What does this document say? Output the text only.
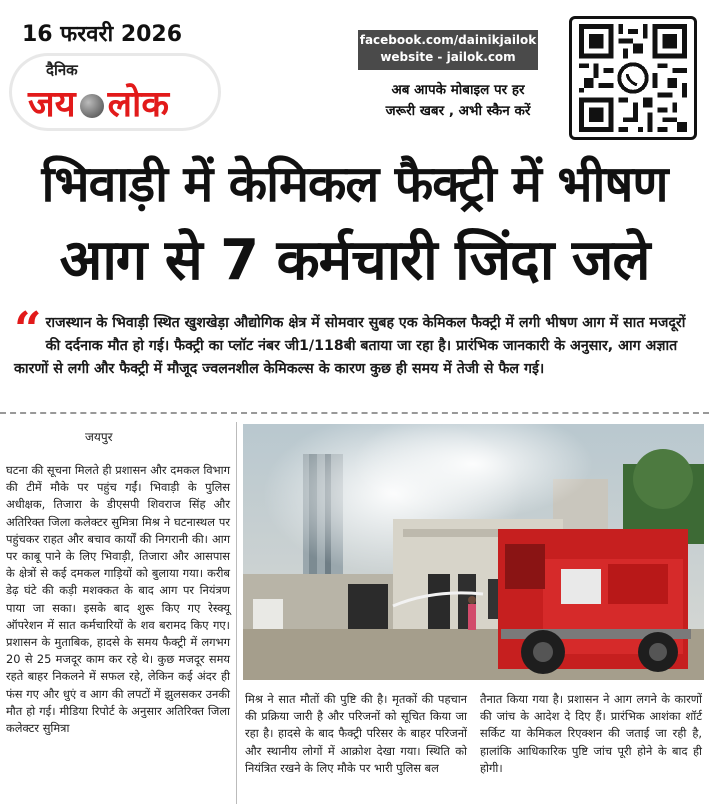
16 फरवरी 2026
दैनिक
जय लोक
facebook.com/dainikjailok
website - jailok.com
अब आपके मोबाइल पर हर
जरूरी खबर , अभी स्कैन करें
भिवाड़ी में केमिकल फैक्ट्री में भीषण
आग से 7 कर्मचारी जिंदा जले
“ राजस्थान के भिवाड़ी स्थित खुशखेड़ा औद्योगिक क्षेत्र में सोमवार सुबह एक केमिकल फैक्ट्री में लगी भीषण आग में सात मजदूरों की दर्दनाक मौत हो गई। फैक्ट्री का प्लॉट नंबर जी1/118बी बताया जा रहा है। प्रारंभिक जानकारी के अनुसार, आग अज्ञात कारणों से लगी और फैक्ट्री में मौजूद ज्वलनशील केमिकल्स के कारण कुछ ही समय में तेजी से फैल गई।
जयपुर
घटना की सूचना मिलते ही प्रशासन और दमकल विभाग की टीमें मौके पर पहुंच गईं। भिवाड़ी के पुलिस अधीक्षक, तिजारा के डीएसपी शिवराज सिंह और अतिरिक्त जिला कलेक्टर सुमित्रा मिश्र ने घटनास्थल पर पहुंचकर राहत और बचाव कार्यों की निगरानी की। आग पर काबू पाने के लिए भिवाड़ी, तिजारा और आसपास के क्षेत्रों से कई दमकल गाड़ियों को बुलाया गया। करीब डेढ़ घंटे की कड़ी मशक्कत के बाद आग पर नियंत्रण पाया जा सका। इसके बाद शुरू किए गए रेस्क्यू ऑपरेशन में सात कर्मचारियों के शव बरामद किए गए। प्रशासन के मुताबिक, हादसे के समय फैक्ट्री में लगभग 20 से 25 मजदूर काम कर रहे थे। कुछ मजदूर समय रहते बाहर निकलने में सफल रहे, लेकिन कई अंदर ही फंस गए और धुएं व आग की लपटों में झुलसकर उनकी मौत हो गई। मीडिया रिपोर्ट के अनुसार अतिरिक्त जिला कलेक्टर सुमित्रा
मिश्र ने सात मौतों की पुष्टि की है। मृतकों की पहचान की प्रक्रिया जारी है और परिजनों को सूचित किया जा रहा है। हादसे के बाद फैक्ट्री परिसर के बाहर परिजनों और स्थानीय लोगों में आक्रोश देखा गया। स्थिति को नियंत्रित रखने के लिए मौके पर भारी पुलिस बल
तैनात किया गया है। प्रशासन ने आग लगने के कारणों की जांच के आदेश दे दिए हैं। प्रारंभिक आशंका शॉर्ट सर्किट या केमिकल रिएक्शन की जताई जा रही है, हालांकि आधिकारिक पुष्टि जांच पूरी होने के बाद ही होगी।
